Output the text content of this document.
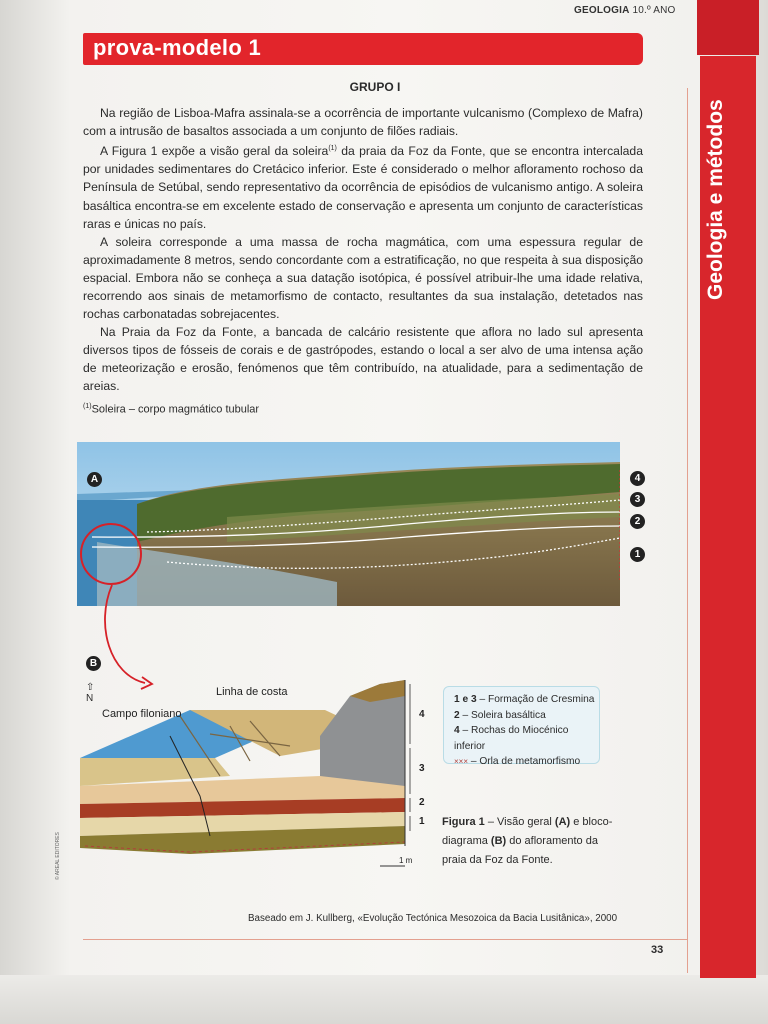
GEOLOGIA 10.º ANO
Geologia e métodos
prova-modelo 1
GRUPO I

Na região de Lisboa-Mafra assinala-se a ocorrência de importante vulcanismo (Complexo de Mafra) com a intrusão de basaltos associada a um conjunto de filões radiais.

A Figura 1 expõe a visão geral da soleira$^{(1)}$ da praia da Foz da Fonte, que se encontra intercalada por unidades sedimentares do Cretácico inferior. Este é considerado o melhor afloramento rochoso da Península de Setúbal, sendo representativo da ocorrência de episódios de vulcanismo antigo. A soleira basáltica encontra-se em excelente estado de conservação e apresenta um conjunto de características raras e únicas no país.

A soleira corresponde a uma massa de rocha magmática, com uma espessura regular de aproximadamente 8 metros, sendo concordante com a estratificação, no que respeita à sua disposição espacial. Embora não se conheça a sua datação isotópica, é possível atribuir-lhe uma idade relativa, recorrendo aos sinais de metamorfismo de contacto, resultantes da sua instalação, detetados nas rochas carbonatadas sobrejacentes.

Na Praia da Foz da Fonte, a bancada de calcário resistente que aflora no lado sul apresenta diversos tipos de fósseis de corais e de gastrópodes, estando o local a ser alvo de uma intensa ação de meteorização e erosão, fenómenos que têm contribuído, na atualidade, para a sedimentação de areias.

$^{(1)}$Soleira – corpo magmático tubular
A	4
3
2
1
B
⇧
N
Linha de costa
Campo filoniano	4
3
2
1
1 m
1 e 3 – Formação de Cresmina
2 – Soleira basáltica
4 – Rochas do Miocénico inferior
××× – Orla de metamorfismo
Figura 1 – Visão geral (A) e bloco-diagrama (B) do afloramento da praia da Foz da Fonte.
Baseado em J. Kullberg, «Evolução Tectónica Mesozoica da Bacia Lusitânica», 2000
33
© AREAL EDITORES
